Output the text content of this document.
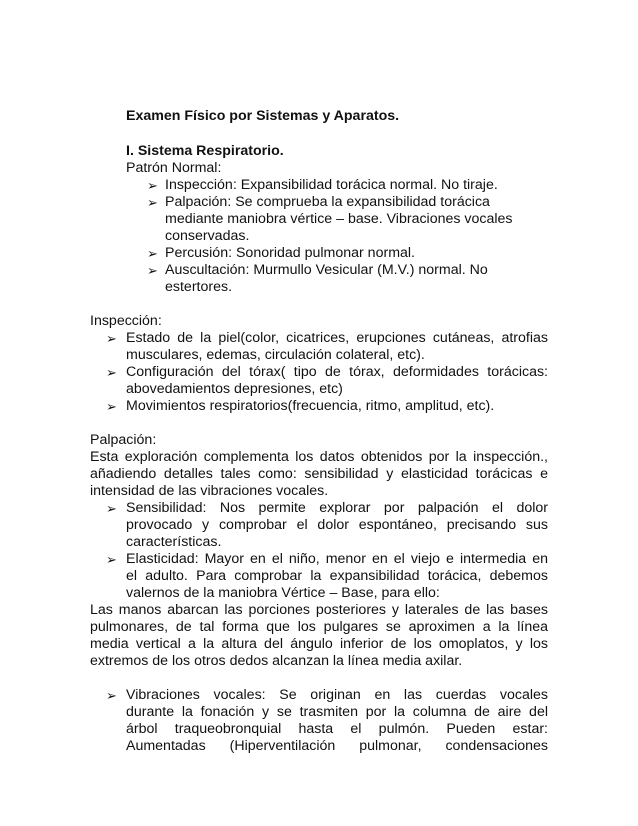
Examen Físico por Sistemas y Aparatos.
I. Sistema Respiratorio.
Patrón Normal:
➢ Inspección: Expansibilidad torácica normal. No tiraje.
➢ Palpación: Se comprueba la expansibilidad torácica
mediante maniobra vértice – base. Vibraciones vocales
conservadas.
➢ Percusión: Sonoridad pulmonar normal.
➢ Auscultación: Murmullo Vesicular (M.V.) normal. No
estertores.
Inspección:
➢ Estado de la piel(color, cicatrices, erupciones cutáneas, atrofias
musculares, edemas, circulación colateral, etc).
➢ Configuración del tórax( tipo de tórax, deformidades torácicas:
abovedamientos depresiones, etc)
➢ Movimientos respiratorios(frecuencia, ritmo, amplitud, etc).
Palpación:
Esta exploración complementa los datos obtenidos por la inspección.,
añadiendo detalles tales como: sensibilidad y elasticidad torácicas e
intensidad de las vibraciones vocales.
➢ Sensibilidad: Nos permite explorar por palpación el dolor
provocado y comprobar el dolor espontáneo, precisando sus
características.
➢ Elasticidad: Mayor en el niño, menor en el viejo e intermedia en
el adulto. Para comprobar la expansibilidad torácica, debemos
valernos de la maniobra Vértice – Base, para ello:
Las manos abarcan las porciones posteriores y laterales de las bases
pulmonares, de tal forma que los pulgares se aproximen a la línea
media vertical a la altura del ángulo inferior de los omoplatos, y los
extremos de los otros dedos alcanzan la línea media axilar.
➢ Vibraciones vocales: Se originan en las cuerdas vocales
durante la fonación y se trasmiten por la columna de aire del
árbol traqueobronquial hasta el pulmón. Pueden estar:
Aumentadas (Hiperventilación pulmonar, condensaciones
